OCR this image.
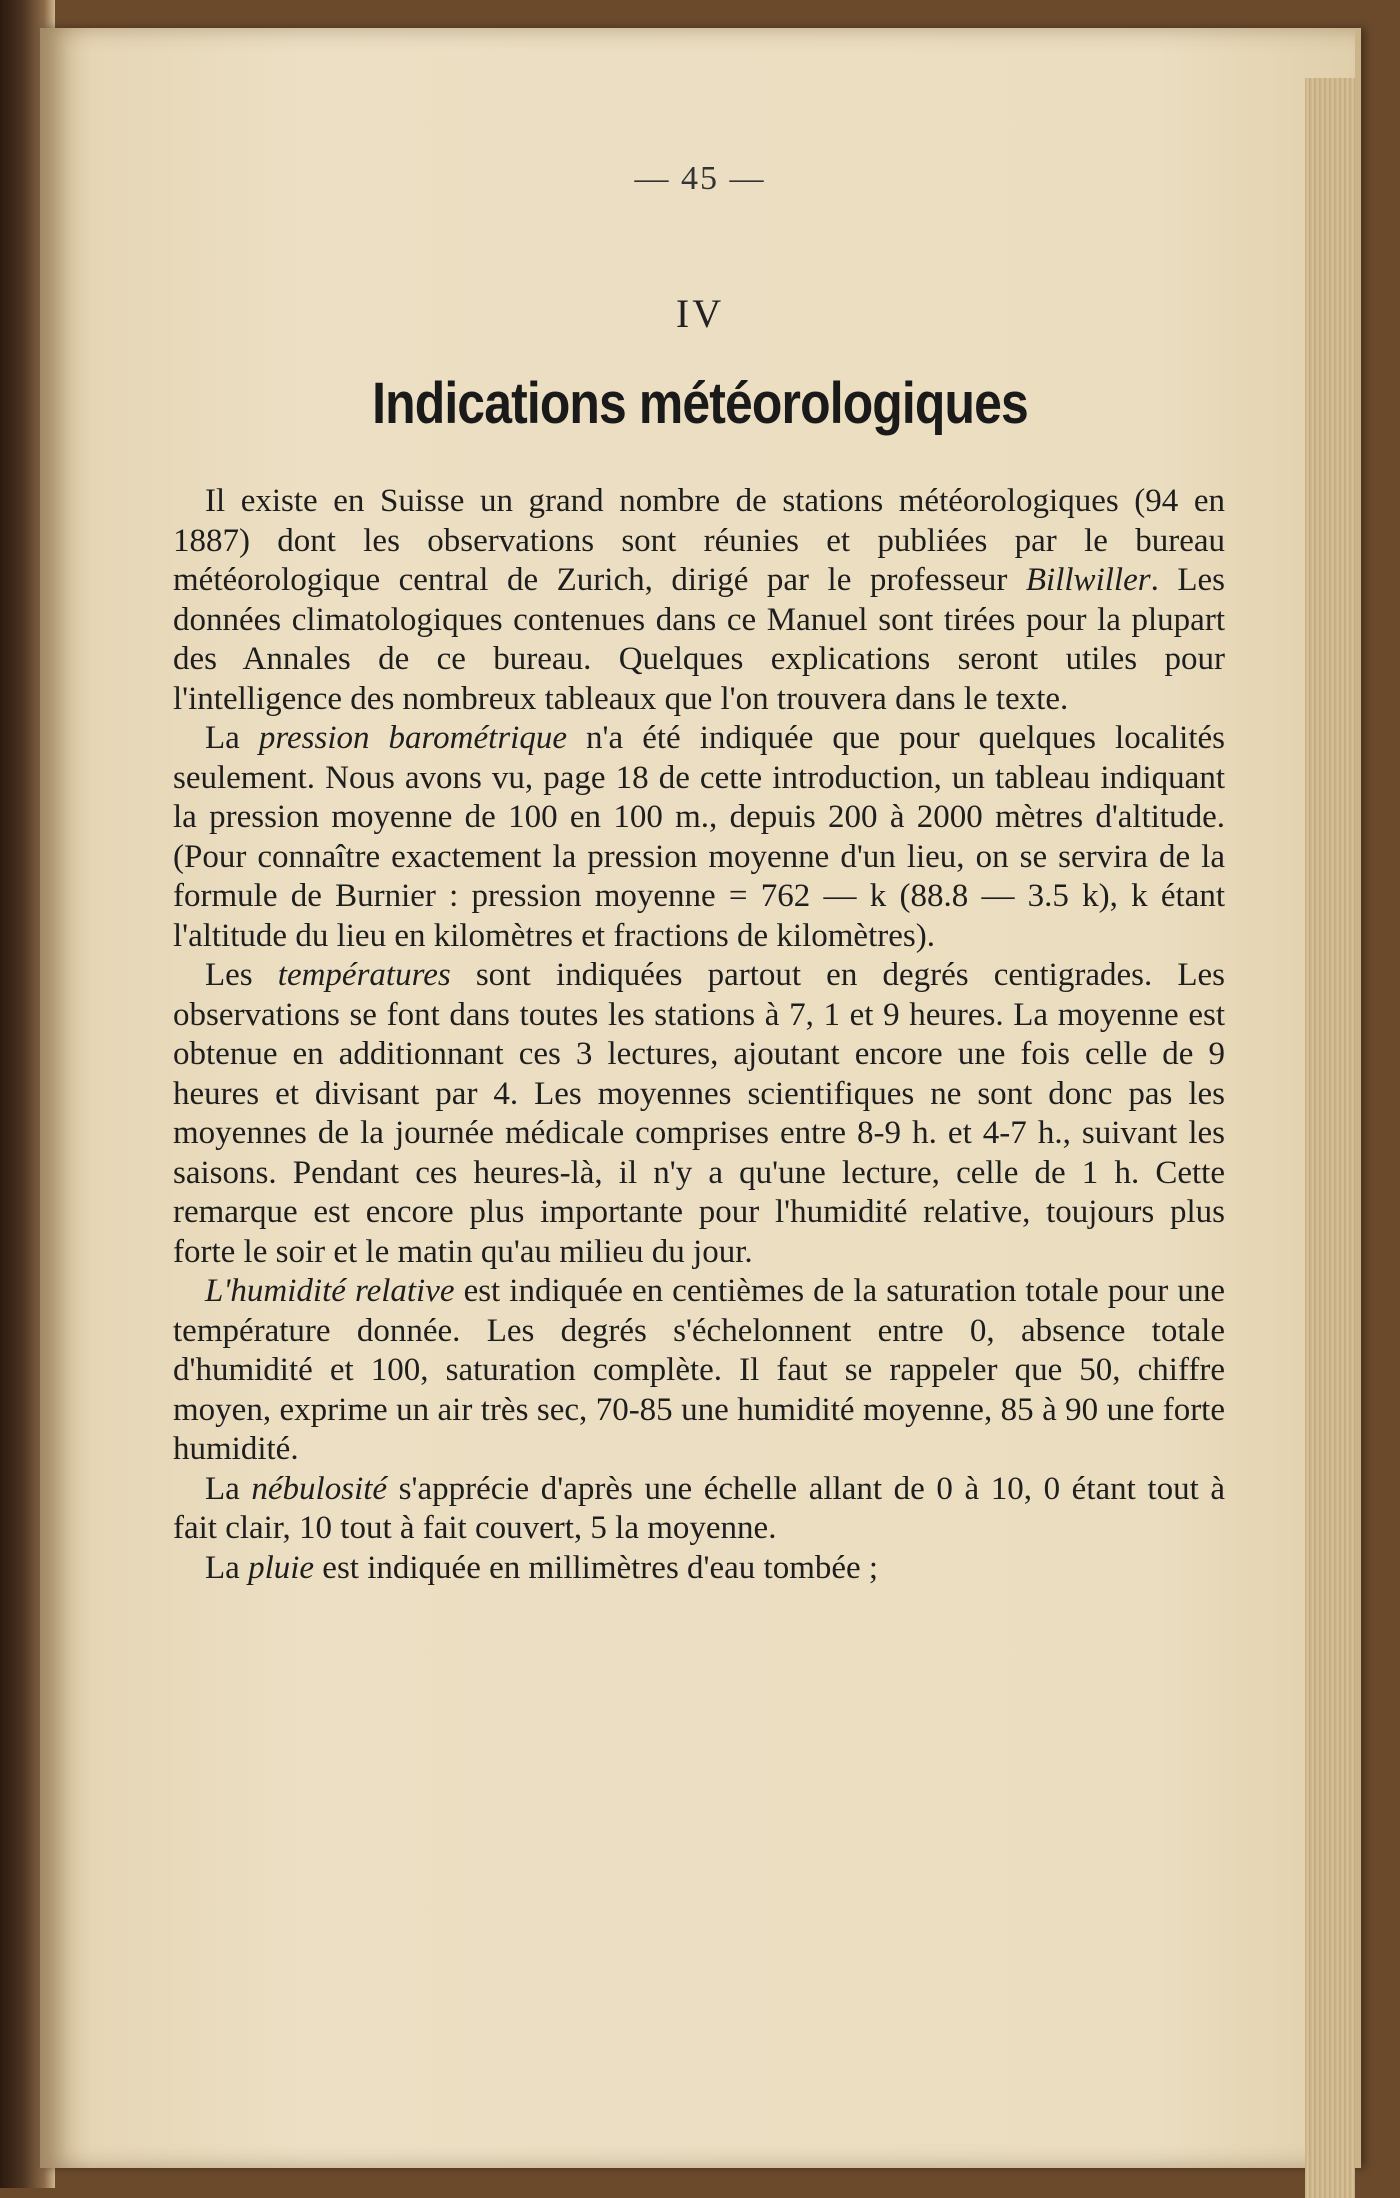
— 45 —
IV
Indications météorologiques

Il existe en Suisse un grand nombre de stations météorologiques (94 en 1887) dont les observations sont réunies et publiées par le bureau météorologique central de Zurich, dirigé par le professeur Billwiller. Les données climatologiques contenues dans ce Manuel sont tirées pour la plupart des Annales de ce bureau. Quelques explications seront utiles pour l'intelligence des nombreux tableaux que l'on trouvera dans le texte.

La pression barométrique n'a été indiquée que pour quelques localités seulement. Nous avons vu, page 18 de cette introduction, un tableau indiquant la pression moyenne de 100 en 100 m., depuis 200 à 2000 mètres d'altitude. (Pour connaître exactement la pression moyenne d'un lieu, on se servira de la formule de Burnier : pression moyenne = 762 — k (88.8 — 3.5 k), k étant l'altitude du lieu en kilomètres et fractions de kilomètres).

Les températures sont indiquées partout en degrés centigrades. Les observations se font dans toutes les stations à 7, 1 et 9 heures. La moyenne est obtenue en additionnant ces 3 lectures, ajoutant encore une fois celle de 9 heures et divisant par 4. Les moyennes scientifiques ne sont donc pas les moyennes de la journée médicale comprises entre 8-9 h. et 4-7 h., suivant les saisons. Pendant ces heures-là, il n'y a qu'une lecture, celle de 1 h. Cette remarque est encore plus importante pour l'humidité relative, toujours plus forte le soir et le matin qu'au milieu du jour.

L'humidité relative est indiquée en centièmes de la saturation totale pour une température donnée. Les degrés s'échelonnent entre 0, absence totale d'humidité et 100, saturation complète. Il faut se rappeler que 50, chiffre moyen, exprime un air très sec, 70-85 une humidité moyenne, 85 à 90 une forte humidité.

La nébulosité s'apprécie d'après une échelle allant de 0 à 10, 0 étant tout à fait clair, 10 tout à fait couvert, 5 la moyenne.

La pluie est indiquée en millimètres d'eau tombée ;
